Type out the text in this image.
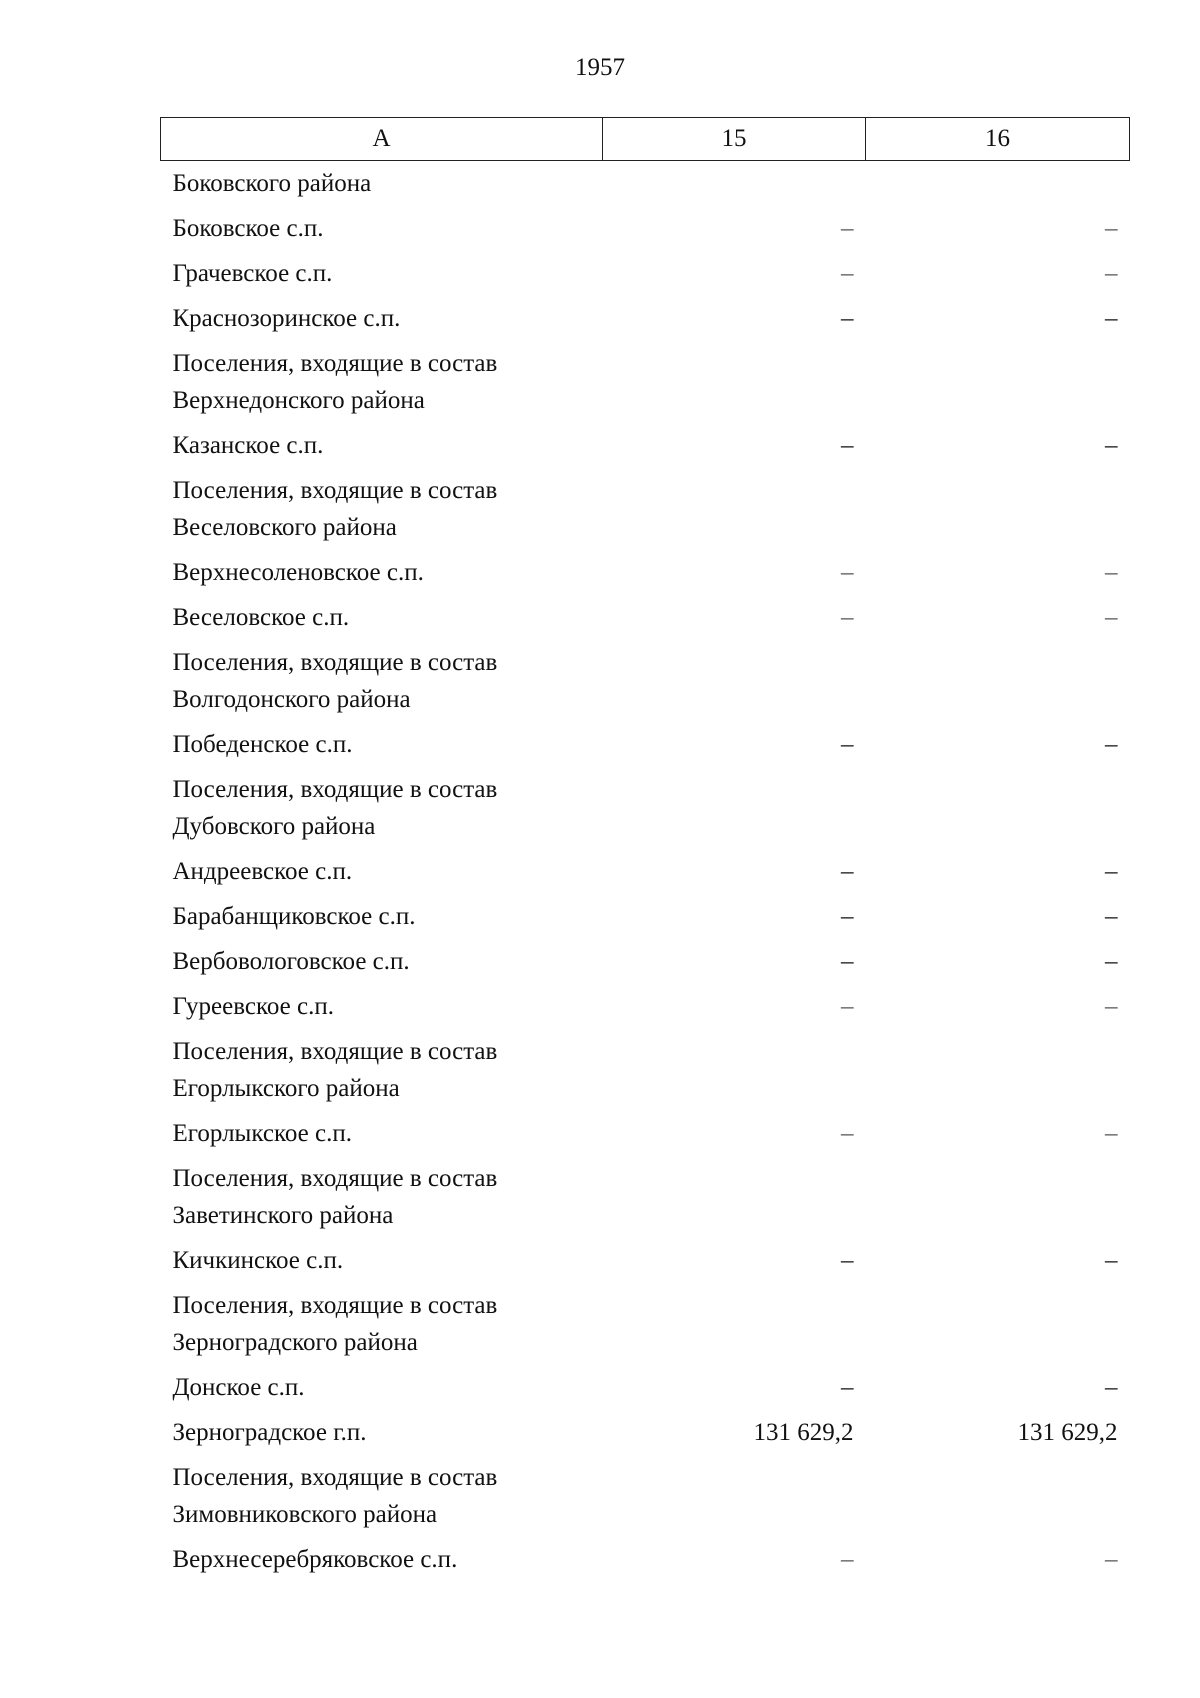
1957
А	15	16
Боковского района		
Боковское с.п.	–	–
Грачевское с.п.	–	–
Краснозоринское с.п.	–	–
Поселения, входящие в состав
Верхнедонского района		
Казанское с.п.	–	–
Поселения, входящие в состав
Веселовского района		
Верхнесоленовское с.п.	–	–
Веселовское с.п.	–	–
Поселения, входящие в состав
Волгодонского района		
Победенское с.п.	–	–
Поселения, входящие в состав
Дубовского района		
Андреевское с.п.	–	–
Барабанщиковское с.п.	–	–
Вербовологовское с.п.	–	–
Гуреевское с.п.	–	–
Поселения, входящие в состав
Егорлыкского района		
Егорлыкское с.п.	–	–
Поселения, входящие в состав
Заветинского района		
Кичкинское с.п.	–	–
Поселения, входящие в состав
Зерноградского района		
Донское с.п.	–	–
Зерноградское г.п.	131 629,2	131 629,2
Поселения, входящие в состав
Зимовниковского района		
Верхнесеребряковское с.п.	–	–
